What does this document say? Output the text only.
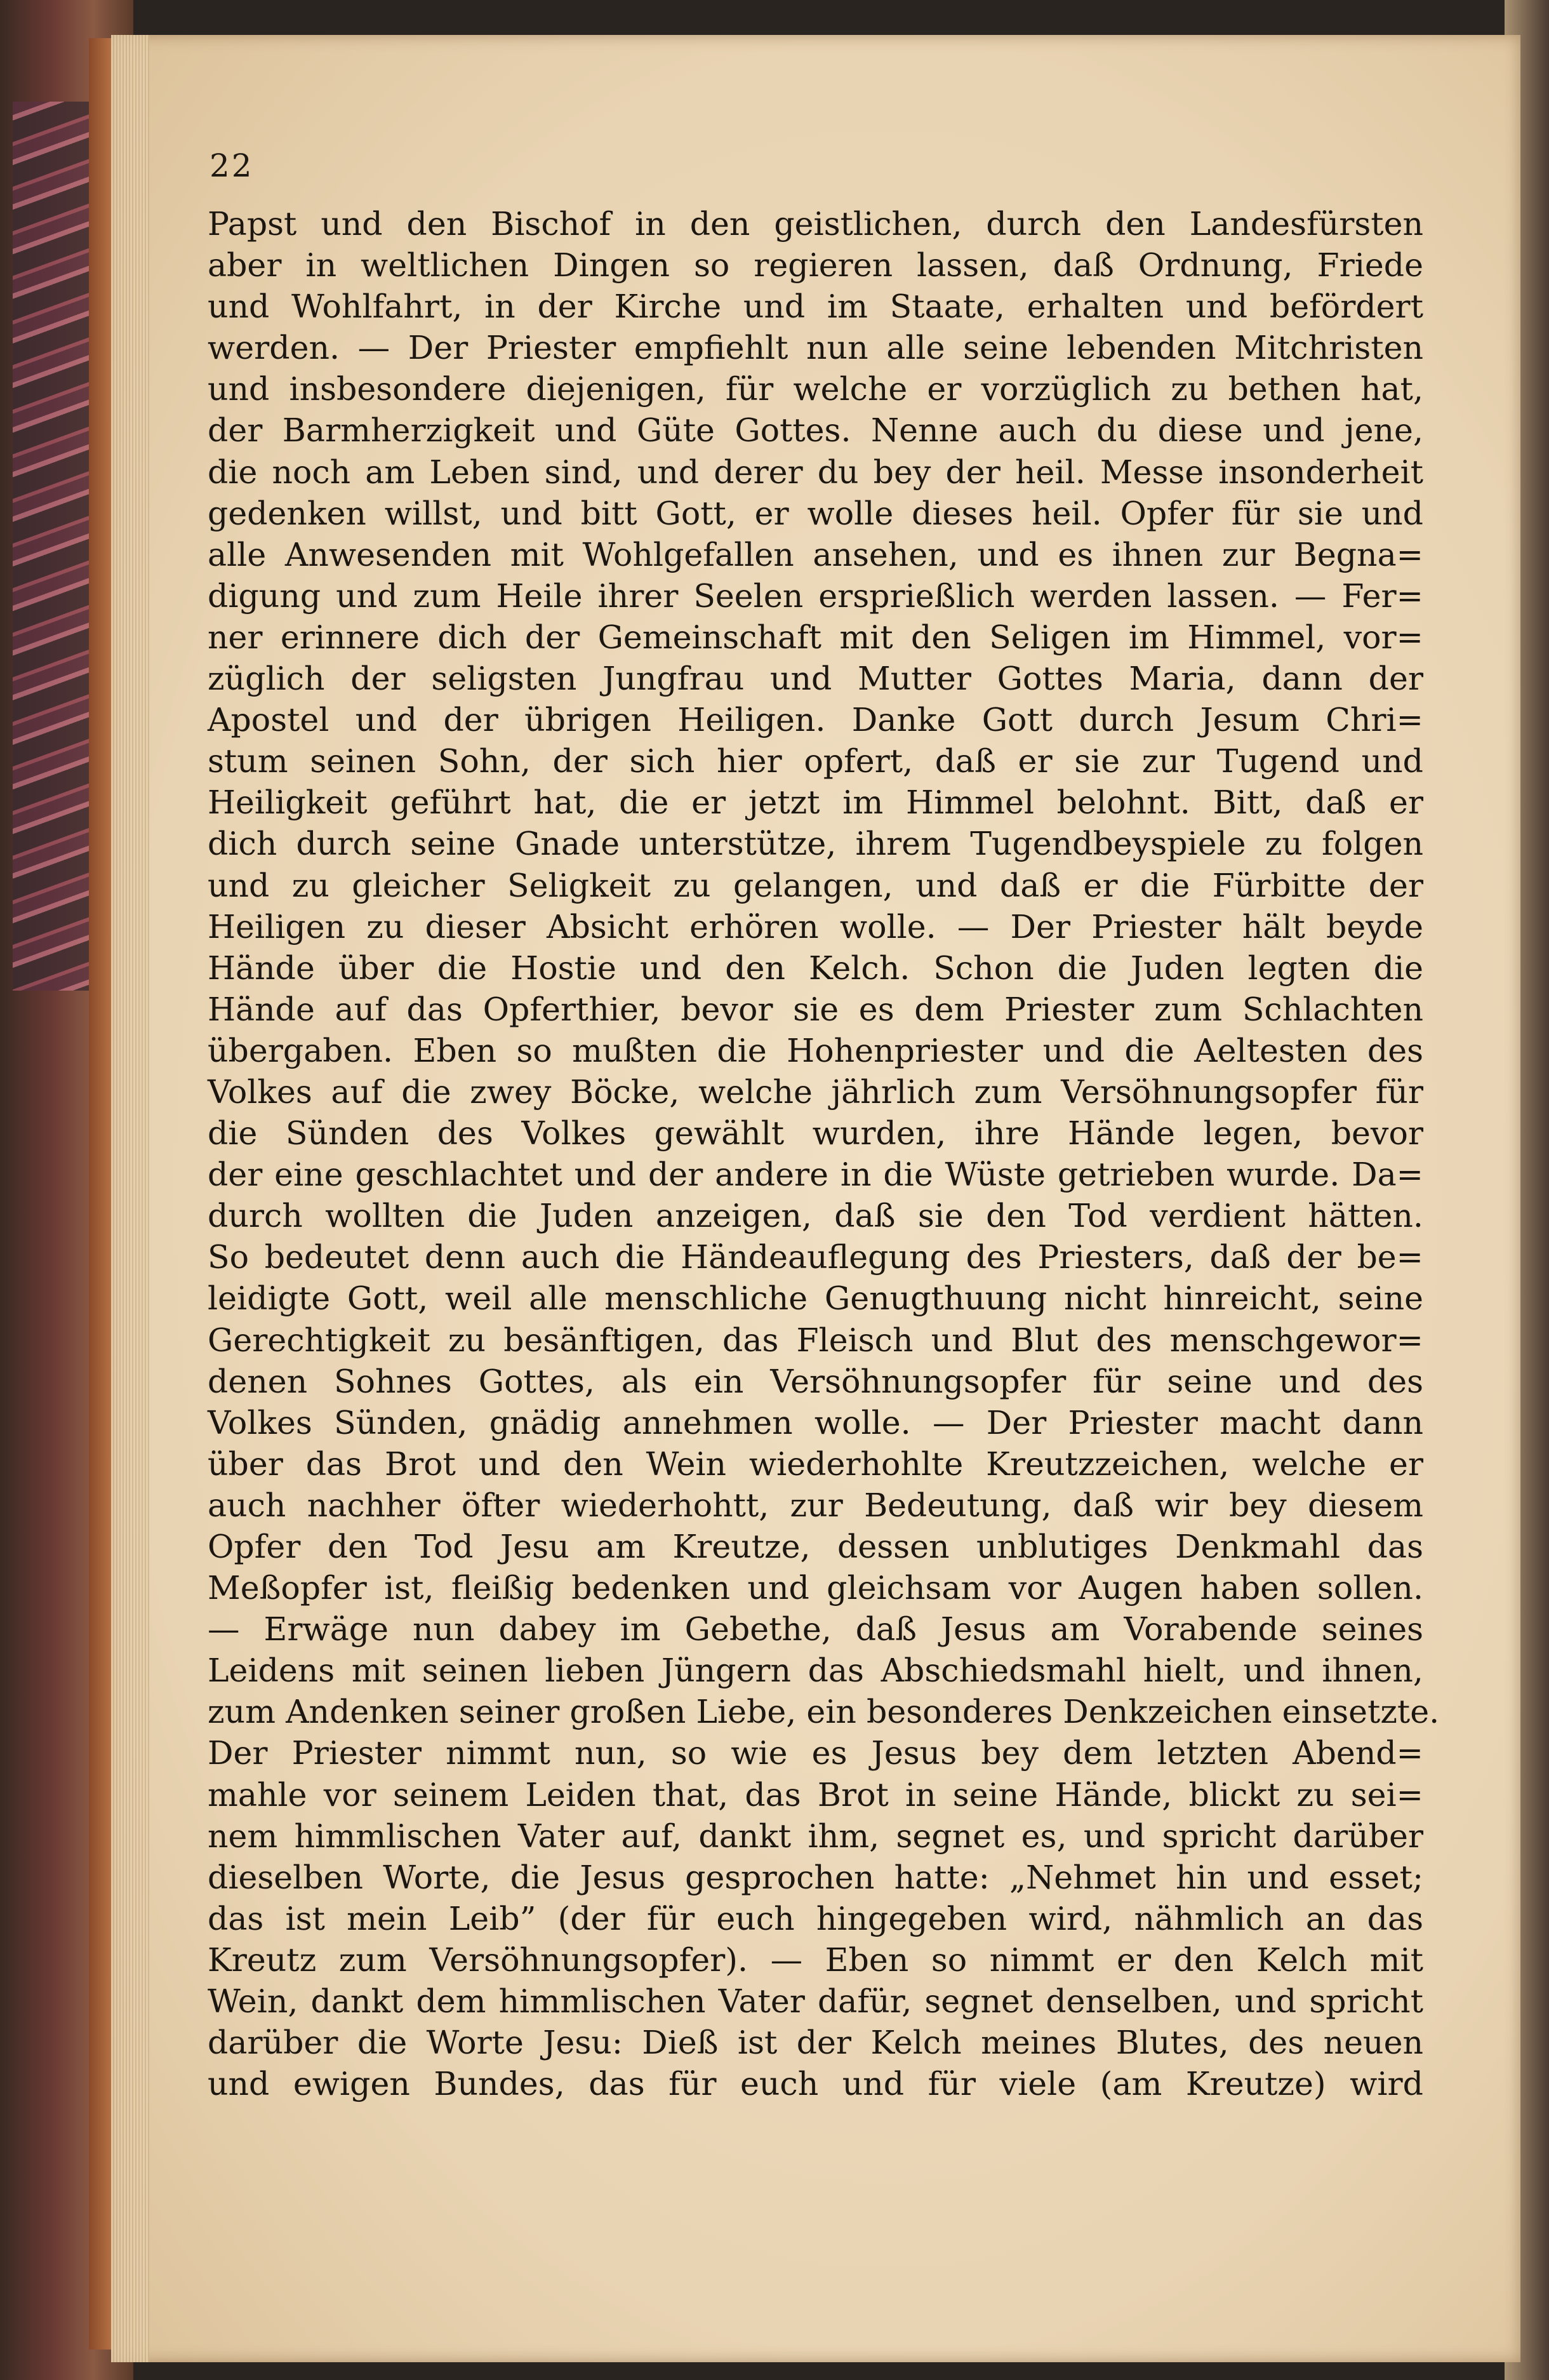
22
Papst und den Bischof in den geistlichen, durch den Landesfürsten
aber in weltlichen Dingen so regieren lassen, daß Ordnung, Friede
und Wohlfahrt, in der Kirche und im Staate, erhalten und befördert
werden. — Der Priester empfiehlt nun alle seine lebenden Mitchristen
und insbesondere diejenigen, für welche er vorzüglich zu bethen hat,
der Barmherzigkeit und Güte Gottes. Nenne auch du diese und jene,
die noch am Leben sind, und derer du bey der heil. Messe insonderheit
gedenken willst, und bitt Gott, er wolle dieses heil. Opfer für sie und
alle Anwesenden mit Wohlgefallen ansehen, und es ihnen zur Begna=
digung und zum Heile ihrer Seelen ersprießlich werden lassen. — Fer=
ner erinnere dich der Gemeinschaft mit den Seligen im Himmel, vor=
züglich der seligsten Jungfrau und Mutter Gottes Maria, dann der
Apostel und der übrigen Heiligen. Danke Gott durch Jesum Chri=
stum seinen Sohn, der sich hier opfert, daß er sie zur Tugend und
Heiligkeit geführt hat, die er jetzt im Himmel belohnt. Bitt, daß er
dich durch seine Gnade unterstütze, ihrem Tugendbeyspiele zu folgen
und zu gleicher Seligkeit zu gelangen, und daß er die Fürbitte der
Heiligen zu dieser Absicht erhören wolle. — Der Priester hält beyde
Hände über die Hostie und den Kelch. Schon die Juden legten die
Hände auf das Opferthier, bevor sie es dem Priester zum Schlachten
übergaben. Eben so mußten die Hohenpriester und die Aeltesten des
Volkes auf die zwey Böcke, welche jährlich zum Versöhnungsopfer für
die Sünden des Volkes gewählt wurden, ihre Hände legen, bevor
der eine geschlachtet und der andere in die Wüste getrieben wurde. Da=
durch wollten die Juden anzeigen, daß sie den Tod verdient hätten.
So bedeutet denn auch die Händeauflegung des Priesters, daß der be=
leidigte Gott, weil alle menschliche Genugthuung nicht hinreicht, seine
Gerechtigkeit zu besänftigen, das Fleisch und Blut des menschgewor=
denen Sohnes Gottes, als ein Versöhnungsopfer für seine und des
Volkes Sünden, gnädig annehmen wolle. — Der Priester macht dann
über das Brot und den Wein wiederhohlte Kreutzzeichen, welche er
auch nachher öfter wiederhohtt, zur Bedeutung, daß wir bey diesem
Opfer den Tod Jesu am Kreutze, dessen unblutiges Denkmahl das
Meßopfer ist, fleißig bedenken und gleichsam vor Augen haben sollen.
— Erwäge nun dabey im Gebethe, daß Jesus am Vorabende seines
Leidens mit seinen lieben Jüngern das Abschiedsmahl hielt, und ihnen,
zum Andenken seiner großen Liebe, ein besonderes Denkzeichen einsetzte.
Der Priester nimmt nun, so wie es Jesus bey dem letzten Abend=
mahle vor seinem Leiden that, das Brot in seine Hände, blickt zu sei=
nem himmlischen Vater auf, dankt ihm, segnet es, und spricht darüber
dieselben Worte, die Jesus gesprochen hatte: „Nehmet hin und esset;
das ist mein Leib” (der für euch hingegeben wird, nähmlich an das
Kreutz zum Versöhnungsopfer). — Eben so nimmt er den Kelch mit
Wein, dankt dem himmlischen Vater dafür, segnet denselben, und spricht
darüber die Worte Jesu: Dieß ist der Kelch meines Blutes, des neuen
und ewigen Bundes, das für euch und für viele (am Kreutze) wird
